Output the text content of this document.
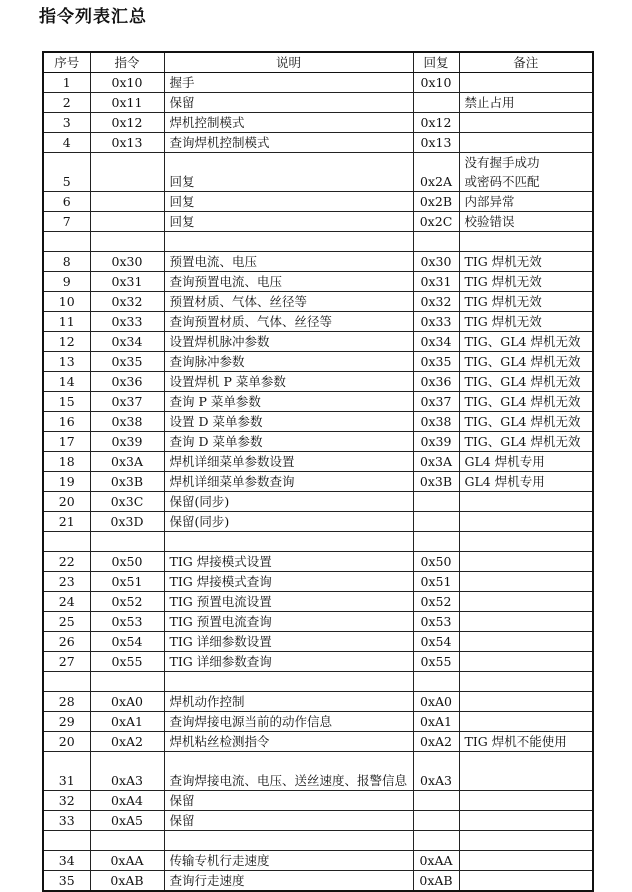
指令列表汇总
序号	指令	说明	回复	备注
1	0x10	握手	0x10	
2	0x11	保留		禁止占用
3	0x12	焊机控制模式	0x12	
4	0x13	查询焊机控制模式	0x13	
5		回复	0x2A	没有握手成功
或密码不匹配
6		回复	0x2B	内部异常
7		回复	0x2C	校验错误

8	0x30	预置电流、电压	0x30	TIG 焊机无效
9	0x31	查询预置电流、电压	0x31	TIG 焊机无效
10	0x32	预置材质、气体、丝径等	0x32	TIG 焊机无效
11	0x33	查询预置材质、气体、丝径等	0x33	TIG 焊机无效
12	0x34	设置焊机脉冲参数	0x34	TIG、GL4 焊机无效
13	0x35	查询脉冲参数	0x35	TIG、GL4 焊机无效
14	0x36	设置焊机 P 菜单参数	0x36	TIG、GL4 焊机无效
15	0x37	查询 P 菜单参数	0x37	TIG、GL4 焊机无效
16	0x38	设置 D 菜单参数	0x38	TIG、GL4 焊机无效
17	0x39	查询 D 菜单参数	0x39	TIG、GL4 焊机无效
18	0x3A	焊机详细菜单参数设置	0x3A	GL4 焊机专用
19	0x3B	焊机详细菜单参数查询	0x3B	GL4 焊机专用
20	0x3C	保留(同步)		
21	0x3D	保留(同步)		

22	0x50	TIG 焊接模式设置	0x50	
23	0x51	TIG 焊接模式查询	0x51	
24	0x52	TIG 预置电流设置	0x52	
25	0x53	TIG 预置电流查询	0x53	
26	0x54	TIG 详细参数设置	0x54	
27	0x55	TIG 详细参数查询	0x55	

28	0xA0	焊机动作控制	0xA0	
29	0xA1	查询焊接电源当前的动作信息	0xA1	
20	0xA2	焊机粘丝检测指令	0xA2	TIG 焊机不能使用
31	0xA3	查询焊接电流、电压、送丝速度、报警信息	0xA3	
32	0xA4	保留		
33	0xA5	保留		

34	0xAA	传输专机行走速度	0xAA	
35	0xAB	查询行走速度	0xAB	
